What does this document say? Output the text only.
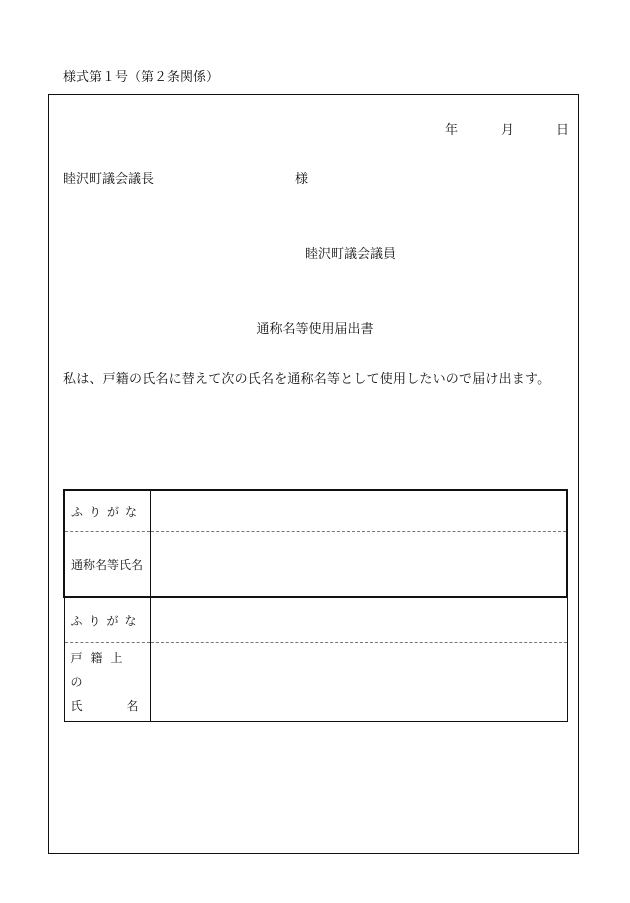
様式第１号（第２条関係）
年	月	日
睦沢町議会議長	様
睦沢町議会議員
通称名等使用届出書
私は、戸籍の氏名に替えて次の氏名を通称名等として使用したいので届け出ます。
ふりがな	
通称名等氏名	
ふりがな	

戸籍上の
氏 名	
